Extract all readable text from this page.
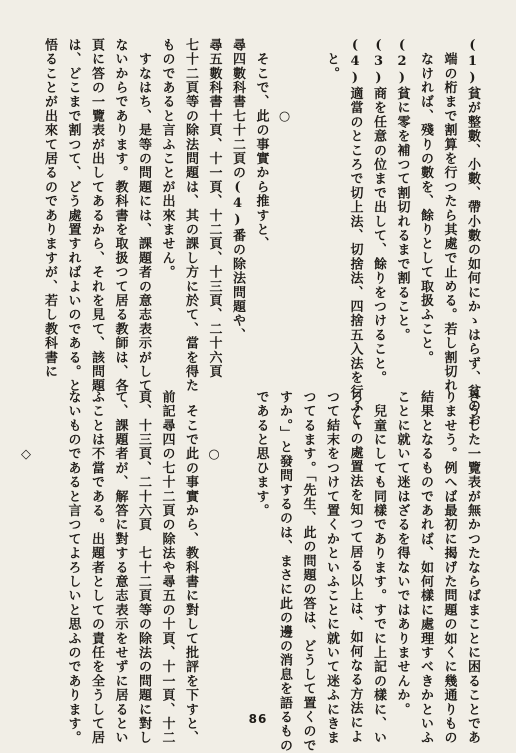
(1)貧が整數、小數、帶小數の如何にかゝはらず、貧のお
　端の桁まで割算を行つたら其處で止める。若し割切れ
　なければ、殘りの數を、餘りとして取扱ふこと。
(2)貧に零を補つて割切れるまで割ること。
(3)商を任意の位まで出して、餘りをつけること。
(4)適當のところで切上法、切捨法、四捨五入法を行ふこ
　と。

　　　　　○
　そこで、此の事實から推すと、
尋四數科書七十二頁の(4)番の除法問題や、
尋五數科書十頁、十一頁、十二頁、十三頁、二十六頁
七十二頁等の除法問題は、其の課し方に於て、當を得た
ものであると言ふことが出來ません。
　すなはち、是等の問題には、課題者の意志表示がして
ないからであります。教科書を取扱つて居る教師は、各
頁に答の一覽表が出してあるから、それを見て、該問題
は、どこまで割つて、どう處置すればよいのである。と
悟ることが出來て居るのでありますが、若し教科書に
さうした一覽表が無かつたならばまことに困ることであ
りませう。例へば最初に揭げた問題の如くに幾通りもの
結果となるものであれば、如何樣に處理すべきかといふ
ことに就いて迷はざるを得ないではありませんか。
　兒童にしても同樣であります。すでに上記の樣に、い
ろ〳〵の處置法を知つて居る以上は、如何なる方法によ
つて結末をつけて置くかといふことに就いて迷ふにきま
つてるます。「先生、此の問題の答は、どうして置くので
すか。」と發問するのは、まさに此の邊の消息を語るもの
であると思ひます。

　　　　○
　そこで此の事實から、教科書に對して批評を下すと、
前記尋四の七十二頁の除法や尋五の十頁、十一頁、十二
頁、十三頁、二十六頁　七十二頁等の除法の問題に對し
て、課題者が、解答に對する意志表示をせずに居るとい
ふことは不當である。出題者としての責任を全うして居
ないものであると言つてよろしいと思ふのであります。

　　　　◇
86
